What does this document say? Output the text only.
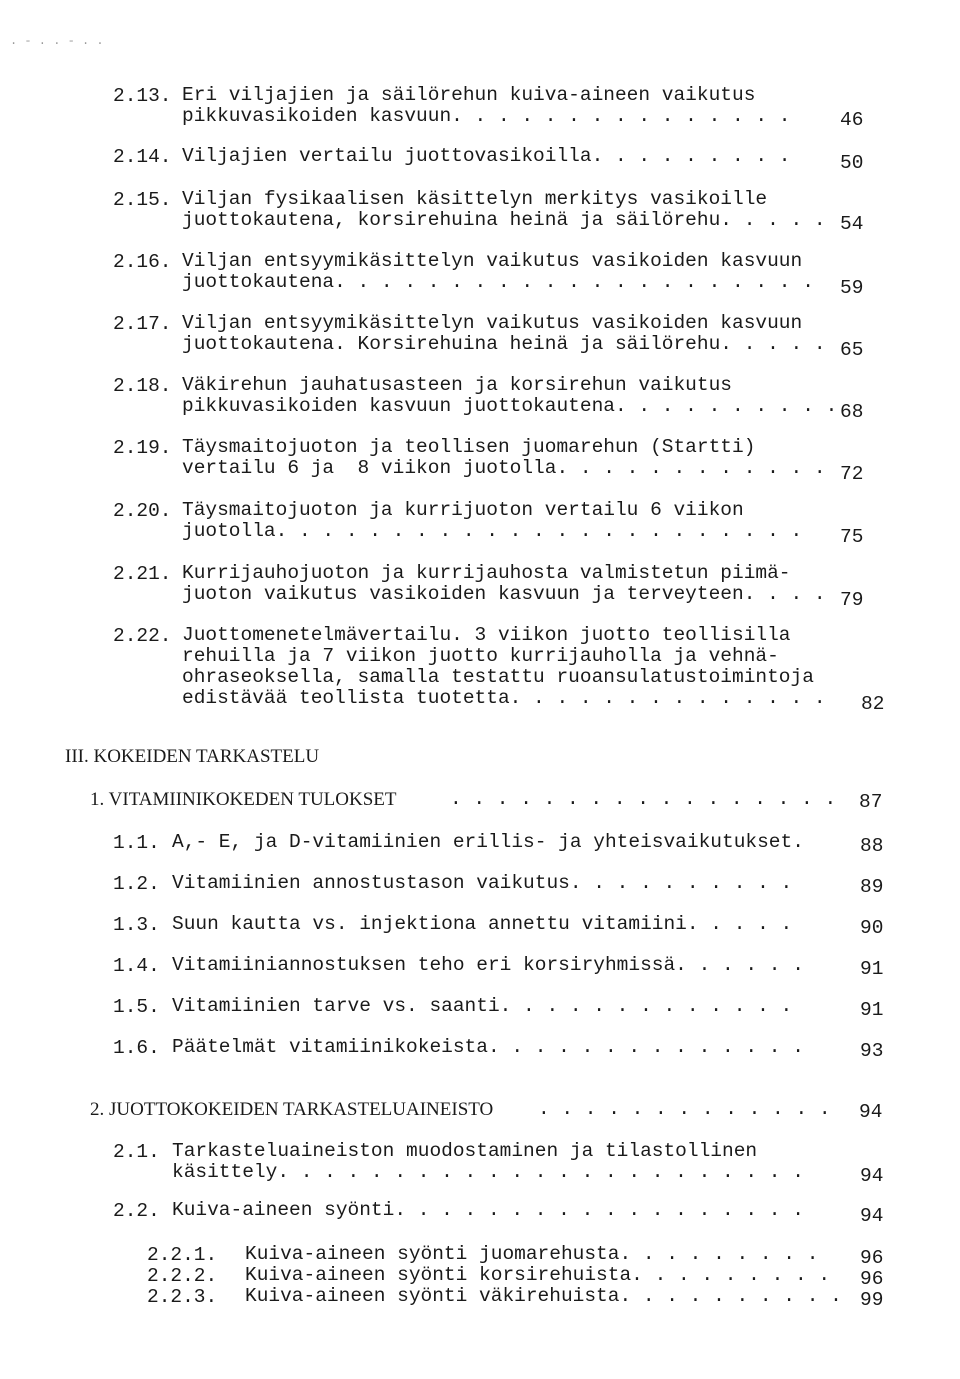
. - . . - . .
2.13. Eri viljajien ja säilörehun kuiva-aineen vaikutus
pikkuvasikoiden kasvuun. . . . . . . . . . . . . . .	46
2.14. Viljajien vertailu juottovasikoilla. . . . . . . . .	50
2.15. Viljan fysikaalisen käsittelyn merkitys vasikoille
juottokautena, korsirehuina heinä ja säilörehu. . . . . 54
2.16. Viljan entsyymikäsittelyn vaikutus vasikoiden kasvuun
juottokautena. . . . . . . . . . . . . . . . . . . . . 59
2.17. Viljan entsyymikäsittelyn vaikutus vasikoiden kasvuun
juottokautena. Korsirehuina heinä ja säilörehu. . . . . 65
2.18. Väkirehun jauhatusasteen ja korsirehun vaikutus
pikkuvasikoiden kasvuun juottokautena. . . . . . . . . . 68
2.19. Täysmaitojuoton ja teollisen juomarehun (Startti)
vertailu 6 ja  8 viikon juotolla. . . . . . . . . . . . 72
2.20. Täysmaitojuoton ja kurrijuoton vertailu 6 viikon
juotolla. . . . . . . . . . . . . . . . . . . . . . . 75
2.21. Kurrijauhojuoton ja kurrijauhosta valmistetun piimä-
juoton vaikutus vasikoiden kasvuun ja terveyteen. . . . 79
2.22. Juottomenetelmävertailu. 3 viikon juotto teollisilla
rehuilla ja 7 viikon juotto kurrijauholla ja vehnä-
ohraseoksella, samalla testattu ruoansulatustoimintoja
edistävää teollista tuotetta. . . . . . . . . . . . . . 82
III. KOKEIDEN TARKASTELU
1. VITAMIINIKOKEDEN TULOKSET	. . . . . . . . . . . . . . . . . 87
1.1. A,- E, ja D-vitamiinien erillis- ja yhteisvaikutukset.	88
1.2. Vitamiinien annostustason vaikutus. . . . . . . . . .	89
1.3. Suun kautta vs. injektiona annettu vitamiini. . . . .	90
1.4. Vitamiiniannostuksen teho eri korsiryhmissä. . . . . .	91
1.5. Vitamiinien tarve vs. saanti. . . . . . . . . . . . .	91
1.6. Päätelmät vitamiinikokeista. . . . . . . . . . . . . .	93
2. JUOTTOKOKEIDEN TARKASTELUAINEISTO . . . . . . . . . . . . . 94
2.1. Tarkasteluaineiston muodostaminen ja tilastollinen
käsittely. . . . . . . . . . . . . . . . . . . . . . .	94
2.2. Kuiva-aineen syönti. . . . . . . . . . . . . . . . . .	94
2.2.1. Kuiva-aineen syönti juomarehusta. . . . . . . . . 96
2.2.2. Kuiva-aineen syönti korsirehuista. . . . . . . . . 96
2.2.3. Kuiva-aineen syönti väkirehuista. . . . . . . . . . 99
